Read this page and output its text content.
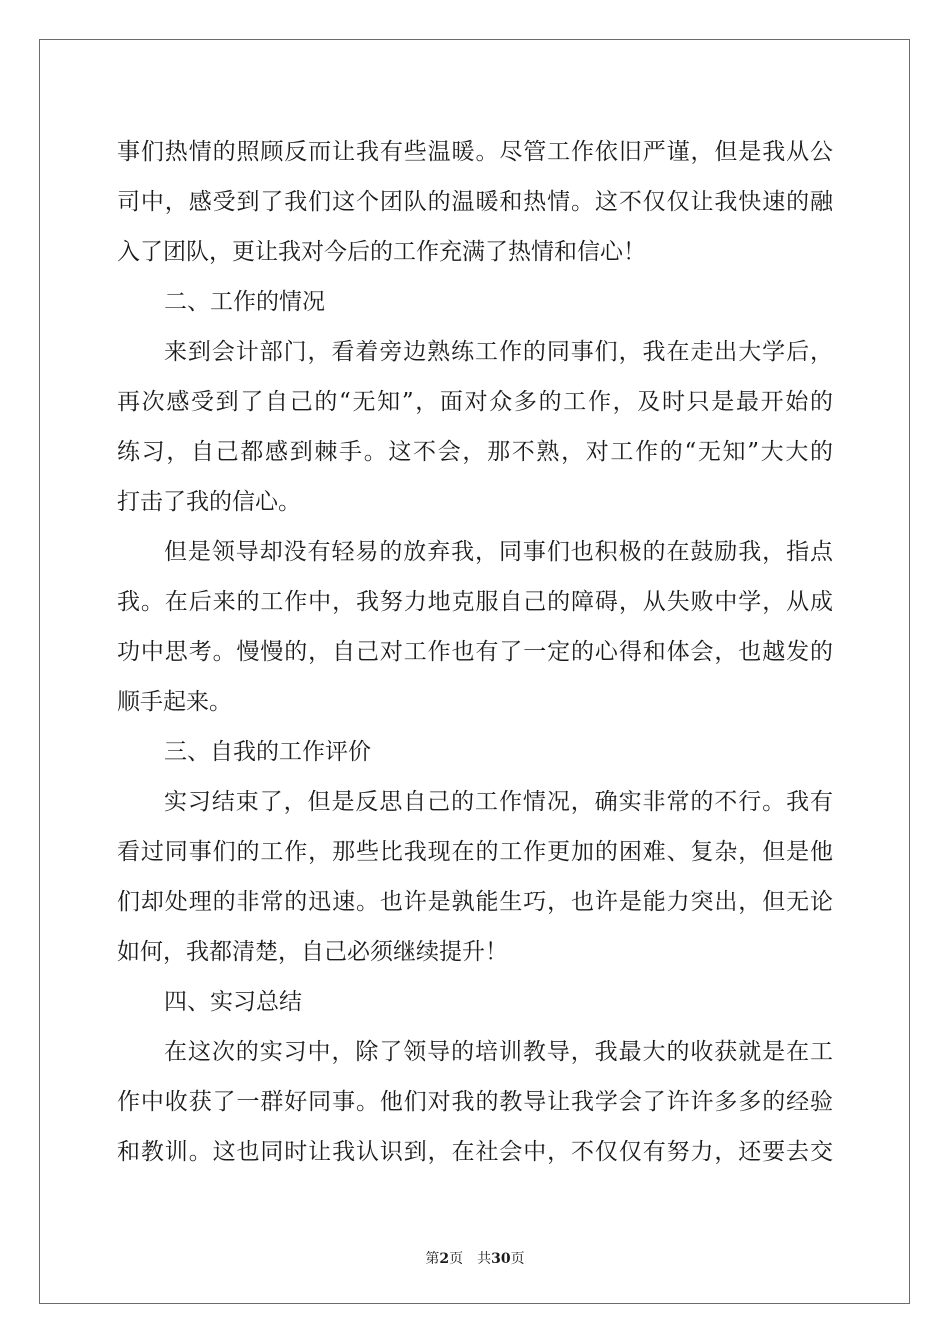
事们热情的照顾反而让我有些温暖。尽管工作依旧严谨，但是我从公
司中，感受到了我们这个团队的温暖和热情。这不仅仅让我快速的融
入了团队，更让我对今后的工作充满了热情和信心！
二、工作的情况
来到会计部门，看着旁边熟练工作的同事们，我在走出大学后，
再次感受到了自己的“无知”，面对众多的工作，及时只是最开始的
练习，自己都感到棘手。这不会，那不熟，对工作的“无知”大大的
打击了我的信心。
但是领导却没有轻易的放弃我，同事们也积极的在鼓励我，指点
我。在后来的工作中，我努力地克服自己的障碍，从失败中学，从成
功中思考。慢慢的，自己对工作也有了一定的心得和体会，也越发的
顺手起来。
三、自我的工作评价
实习结束了，但是反思自己的工作情况，确实非常的不行。我有
看过同事们的工作，那些比我现在的工作更加的困难、复杂，但是他
们却处理的非常的迅速。也许是孰能生巧，也许是能力突出，但无论
如何，我都清楚，自己必须继续提升！
四、实习总结
在这次的实习中，除了领导的培训教导，我最大的收获就是在工
作中收获了一群好同事。他们对我的教导让我学会了许许多多的经验
和教训。这也同时让我认识到，在社会中，不仅仅有努力，还要去交
第2页 共30页
